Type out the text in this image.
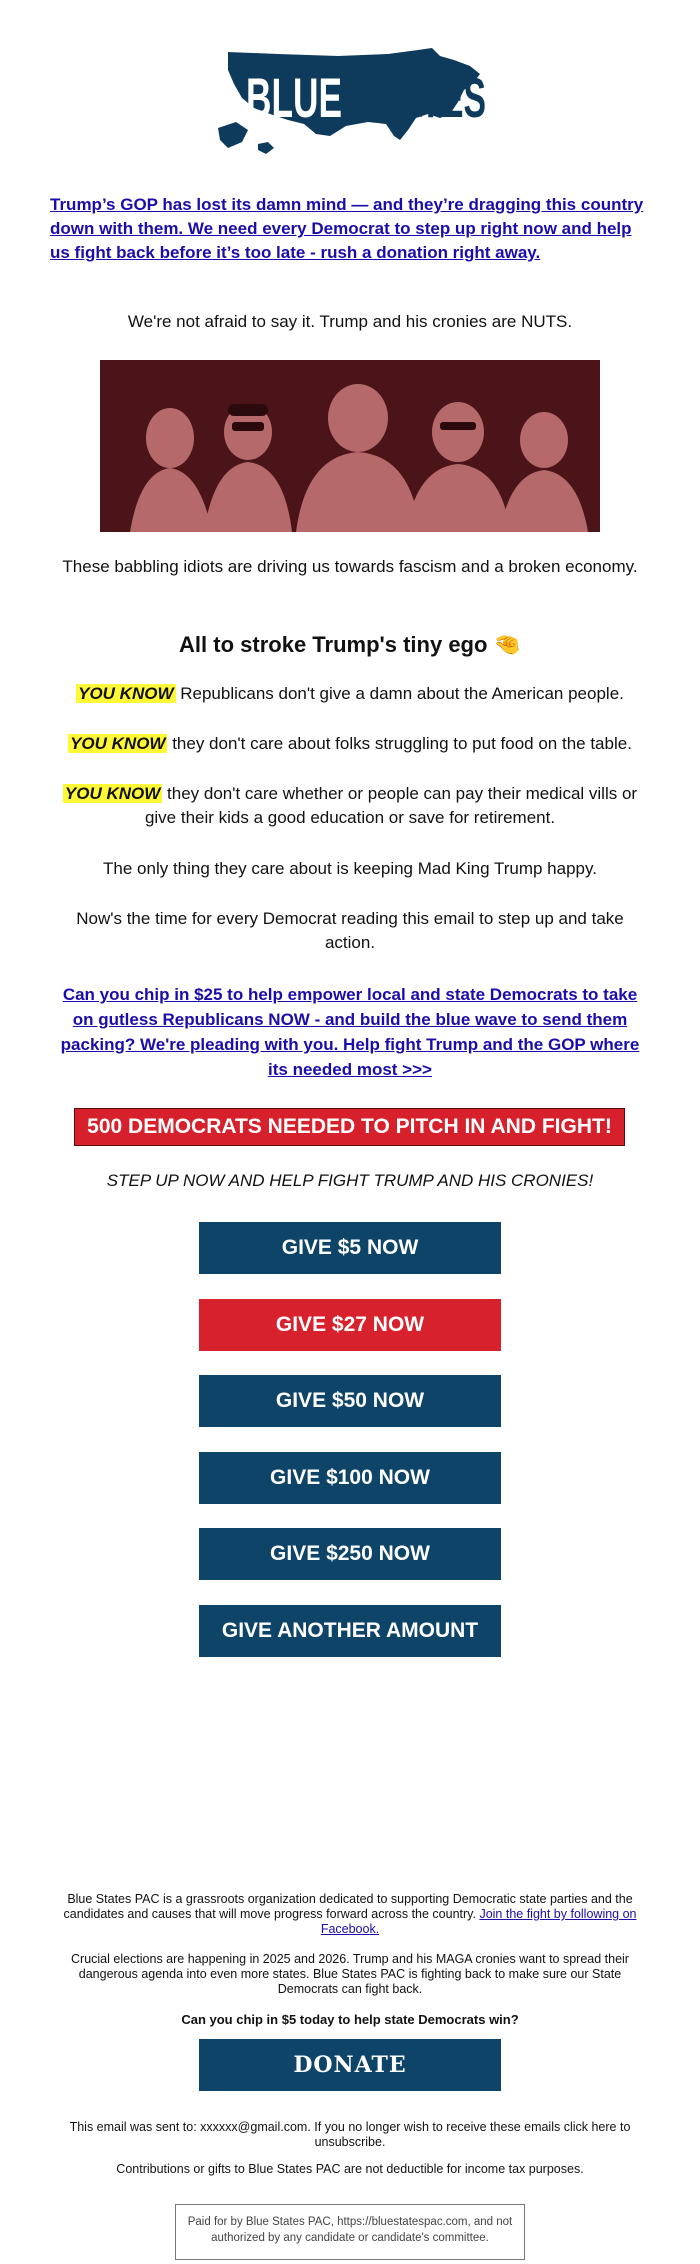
BLUE STATES
Trump’s GOP has lost its damn mind — and they’re dragging this country down with them. We need every Democrat to step up right now and help us fight back before it’s too late - rush a donation right away.
We're not afraid to say it. Trump and his cronies are NUTS.
These babbling idiots are driving us towards fascism and a broken economy.
All to stroke Trump's tiny ego 🤏
YOU KNOW Republicans don't give a damn about the American people.
YOU KNOW they don't care about folks struggling to put food on the table.
YOU KNOW they don't care whether or people can pay their medical vills or give their kids a good education or save for retirement.
The only thing they care about is keeping Mad King Trump happy.
Now's the time for every Democrat reading this email to step up and take action.
Can you chip in $25 to help empower local and state Democrats to take on gutless Republicans NOW - and build the blue wave to send them packing? We're pleading with you. Help fight Trump and the GOP where its needed most >>>
500 DEMOCRATS NEEDED TO PITCH IN AND FIGHT!
STEP UP NOW AND HELP FIGHT TRUMP AND HIS CRONIES!
GIVE $5 NOW
GIVE $27 NOW
GIVE $50 NOW
GIVE $100 NOW
GIVE $250 NOW
GIVE ANOTHER AMOUNT
Blue States PAC is a grassroots organization dedicated to supporting Democratic state parties and the candidates and causes that will move progress forward across the country. Join the fight by following on Facebook.
Crucial elections are happening in 2025 and 2026. Trump and his MAGA cronies want to spread their dangerous agenda into even more states. Blue States PAC is fighting back to make sure our State Democrats can fight back.
Can you chip in $5 today to help state Democrats win?
DONATE
This email was sent to: xxxxxx@gmail.com. If you no longer wish to receive these emails click here to unsubscribe.
Contributions or gifts to Blue States PAC are not deductible for income tax purposes.
Paid for by Blue States PAC, https://bluestatespac.com, and not authorized by any candidate or candidate's committee.
